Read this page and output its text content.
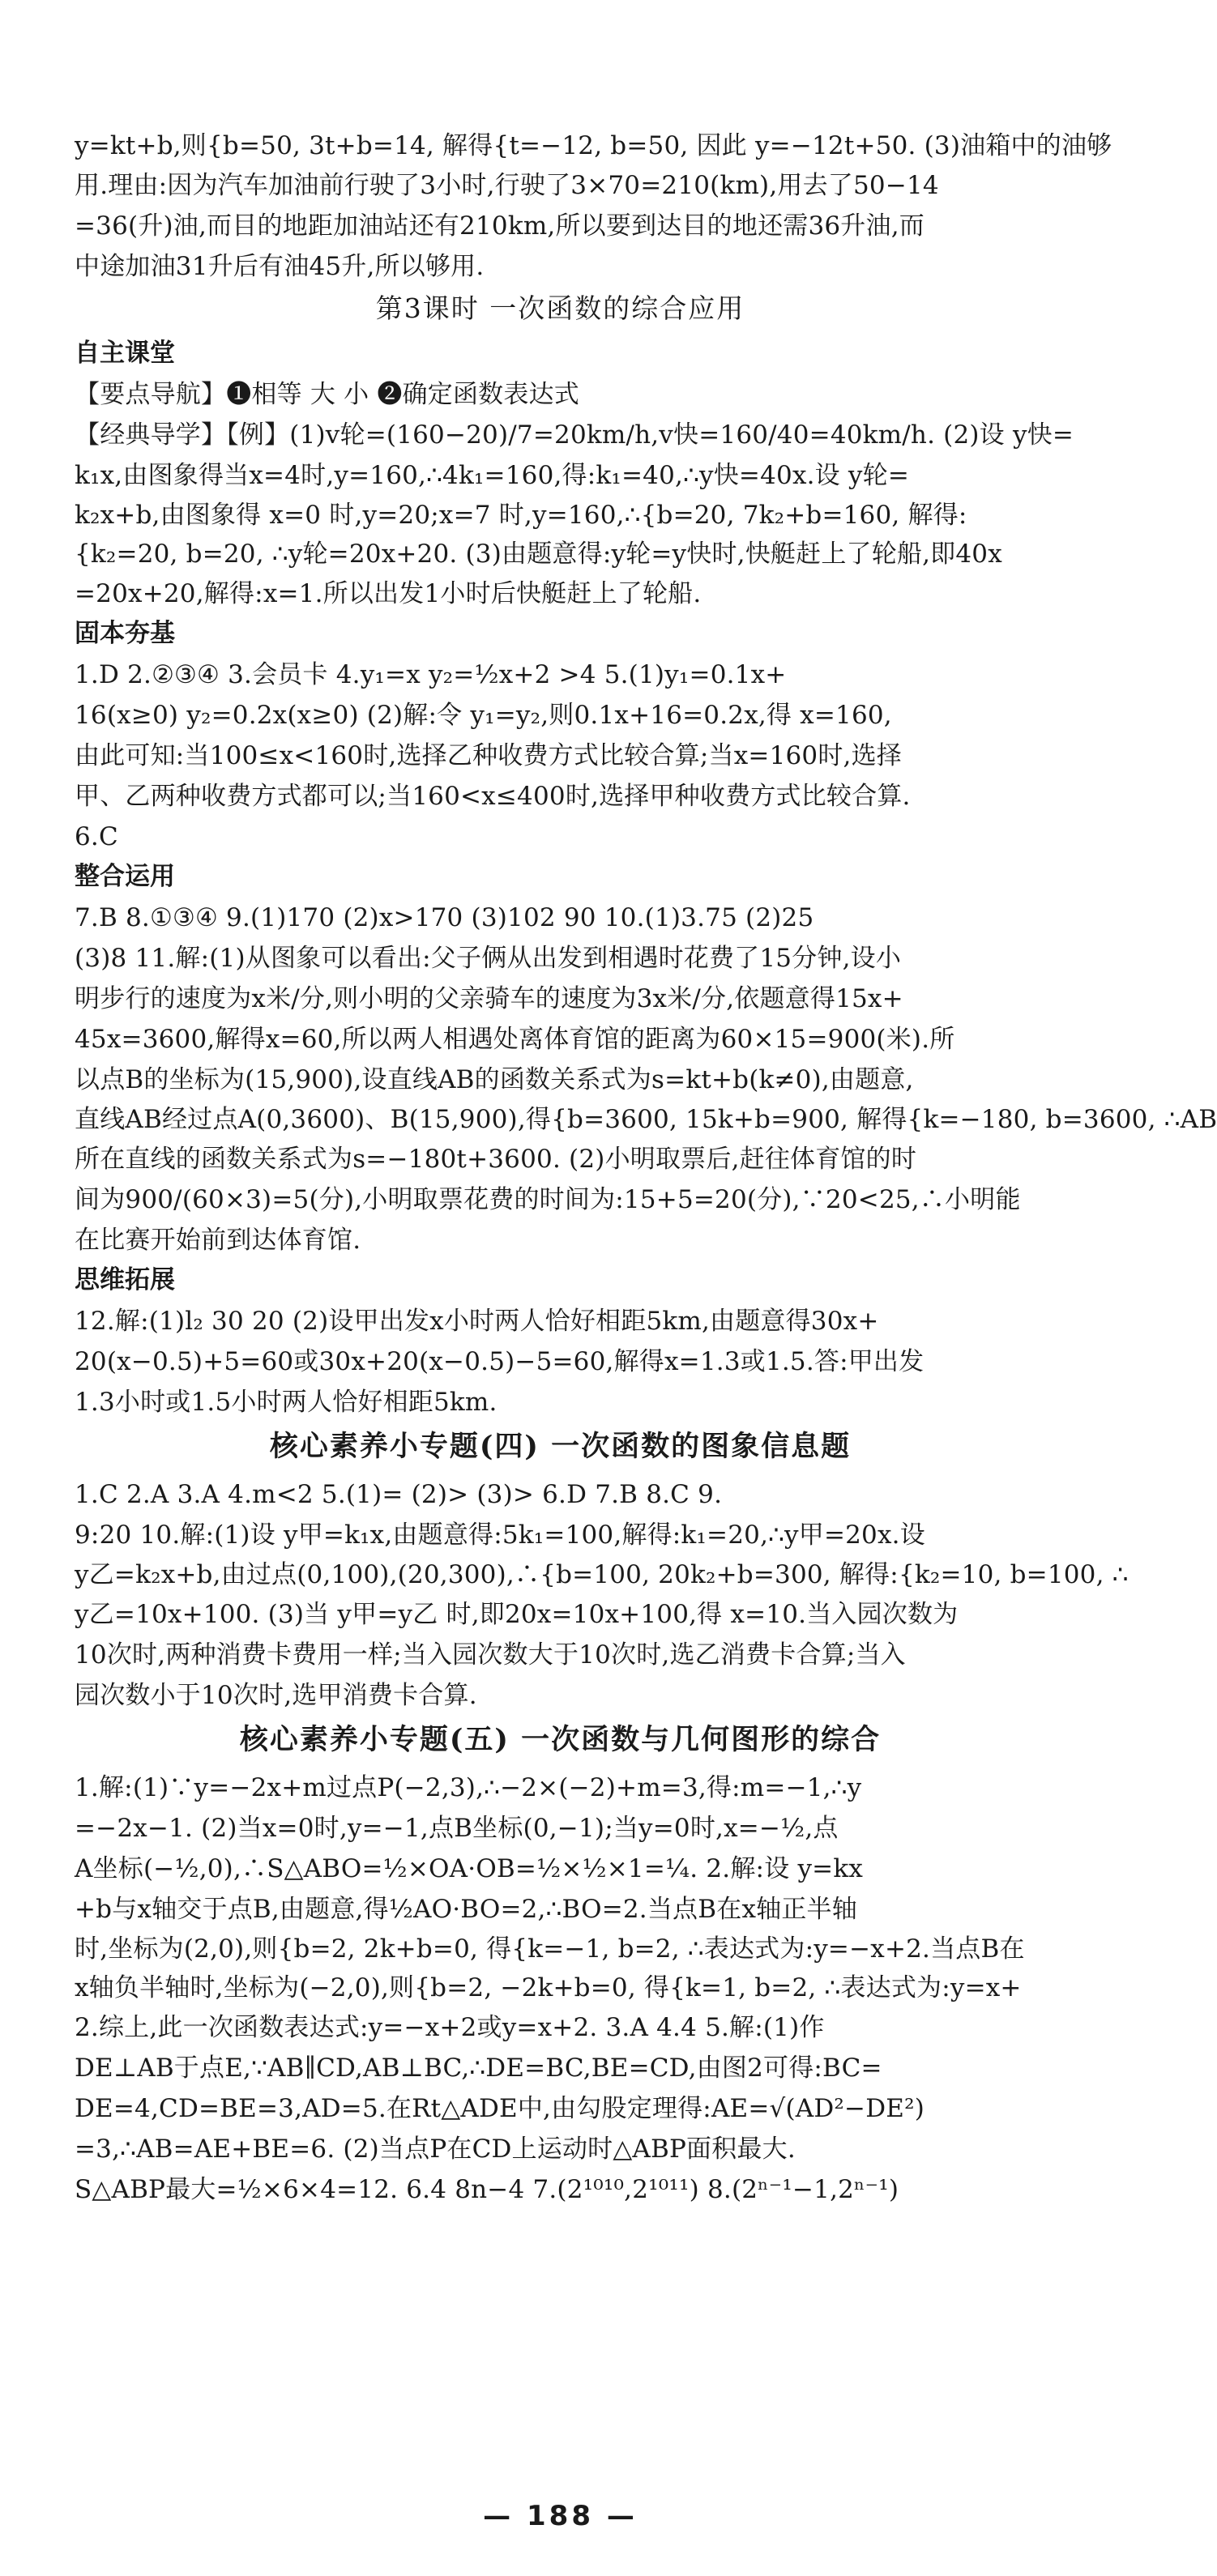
y=kt+b,则{b=50, 3t+b=14, 解得{t=−12, b=50, 因此 y=−12t+50. (3)油箱中的油够

用.理由:因为汽车加油前行驶了3小时,行驶了3×70=210(km),用去了50−14

=36(升)油,而目的地距加油站还有210km,所以要到达目的地还需36升油,而

中途加油31升后有油45升,所以够用.

第3课时 一次函数的综合应用
自主课堂

【要点导航】❶相等 大 小 ❷确定函数表达式

【经典导学】【例】(1)v轮=(160−20)/7=20km/h,v快=160/40=40km/h. (2)设 y快=

k₁x,由图象得当x=4时,y=160,∴4k₁=160,得:k₁=40,∴y快=40x.设 y轮=

k₂x+b,由图象得 x=0 时,y=20;x=7 时,y=160,∴{b=20, 7k₂+b=160, 解得:

{k₂=20, b=20, ∴y轮=20x+20. (3)由题意得:y轮=y快时,快艇赶上了轮船,即40x

=20x+20,解得:x=1.所以出发1小时后快艇赶上了轮船.

固本夯基

1.D 2.②③④ 3.会员卡 4.y₁=x y₂=½x+2 >4 5.(1)y₁=0.1x+

16(x≥0) y₂=0.2x(x≥0) (2)解:令 y₁=y₂,则0.1x+16=0.2x,得 x=160,

由此可知:当100≤x<160时,选择乙种收费方式比较合算;当x=160时,选择

甲、乙两种收费方式都可以;当160<x≤400时,选择甲种收费方式比较合算.

6.C

整合运用

7.B 8.①③④ 9.(1)170 (2)x>170 (3)102 90 10.(1)3.75 (2)25

(3)8 11.解:(1)从图象可以看出:父子俩从出发到相遇时花费了15分钟,设小

明步行的速度为x米/分,则小明的父亲骑车的速度为3x米/分,依题意得15x+

45x=3600,解得x=60,所以两人相遇处离体育馆的距离为60×15=900(米).所

以点B的坐标为(15,900),设直线AB的函数关系式为s=kt+b(k≠0),由题意,

直线AB经过点A(0,3600)、B(15,900),得{b=3600, 15k+b=900, 解得{k=−180, b=3600, ∴AB

所在直线的函数关系式为s=−180t+3600. (2)小明取票后,赶往体育馆的时

间为900/(60×3)=5(分),小明取票花费的时间为:15+5=20(分),∵20<25,∴小明能

在比赛开始前到达体育馆.

思维拓展

12.解:(1)l₂ 30 20 (2)设甲出发x小时两人恰好相距5km,由题意得30x+

20(x−0.5)+5=60或30x+20(x−0.5)−5=60,解得x=1.3或1.5.答:甲出发

1.3小时或1.5小时两人恰好相距5km.

核心素养小专题(四) 一次函数的图象信息题

1.C 2.A 3.A 4.m<2 5.(1)= (2)> (3)> 6.D 7.B 8.C 9.

9:20 10.解:(1)设 y甲=k₁x,由题意得:5k₁=100,解得:k₁=20,∴y甲=20x.设

y乙=k₂x+b,由过点(0,100),(20,300),∴{b=100, 20k₂+b=300, 解得:{k₂=10, b=100, ∴

y乙=10x+100. (3)当 y甲=y乙 时,即20x=10x+100,得 x=10.当入园次数为

10次时,两种消费卡费用一样;当入园次数大于10次时,选乙消费卡合算;当入

园次数小于10次时,选甲消费卡合算.

核心素养小专题(五) 一次函数与几何图形的综合

1.解:(1)∵y=−2x+m过点P(−2,3),∴−2×(−2)+m=3,得:m=−1,∴y

=−2x−1. (2)当x=0时,y=−1,点B坐标(0,−1);当y=0时,x=−½,点

A坐标(−½,0),∴S△ABO=½×OA·OB=½×½×1=¼. 2.解:设 y=kx

+b与x轴交于点B,由题意,得½AO·BO=2,∴BO=2.当点B在x轴正半轴

时,坐标为(2,0),则{b=2, 2k+b=0, 得{k=−1, b=2, ∴表达式为:y=−x+2.当点B在

x轴负半轴时,坐标为(−2,0),则{b=2, −2k+b=0, 得{k=1, b=2, ∴表达式为:y=x+

2.综上,此一次函数表达式:y=−x+2或y=x+2. 3.A 4.4 5.解:(1)作

DE⊥AB于点E,∵AB∥CD,AB⊥BC,∴DE=BC,BE=CD,由图2可得:BC=

DE=4,CD=BE=3,AD=5.在Rt△ADE中,由勾股定理得:AE=√(AD²−DE²)

=3,∴AB=AE+BE=6. (2)当点P在CD上运动时△ABP面积最大.

S△ABP最大=½×6×4=12. 6.4 8n−4 7.(2¹⁰¹⁰,2¹⁰¹¹) 8.(2ⁿ⁻¹−1,2ⁿ⁻¹)

— 188 —
